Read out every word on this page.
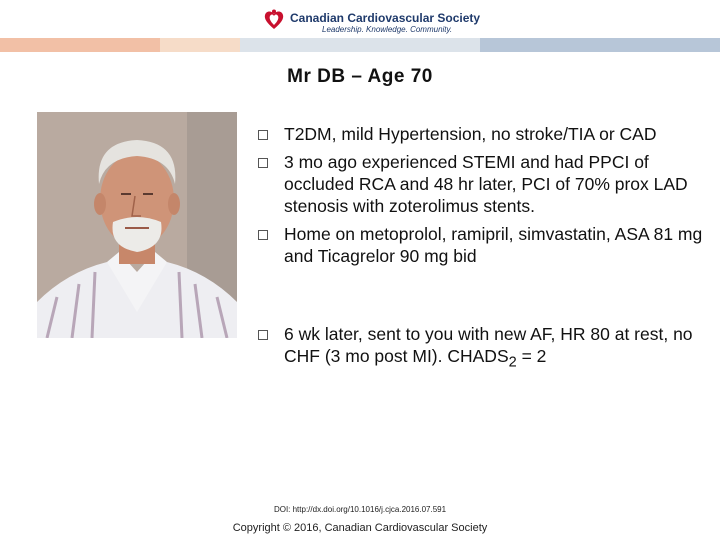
Canadian Cardiovascular Society
Leadership. Knowledge. Community.
Mr DB – Age 70
T2DM, mild Hypertension, no stroke/TIA or CAD
3 mo ago experienced STEMI and had PPCI of occluded RCA and 48 hr later, PCI of 70% prox LAD stenosis with zoterolimus stents.
Home on metoprolol, ramipril, simvastatin, ASA 81 mg and Ticagrelor 90 mg bid
6 wk later, sent to you with new AF, HR 80 at rest, no CHF (3 mo post MI). $CHADS_2 = 2$
DOI: http://dx.doi.org/10.1016/j.cjca.2016.07.591
Copyright © 2016, Canadian Cardiovascular Society
